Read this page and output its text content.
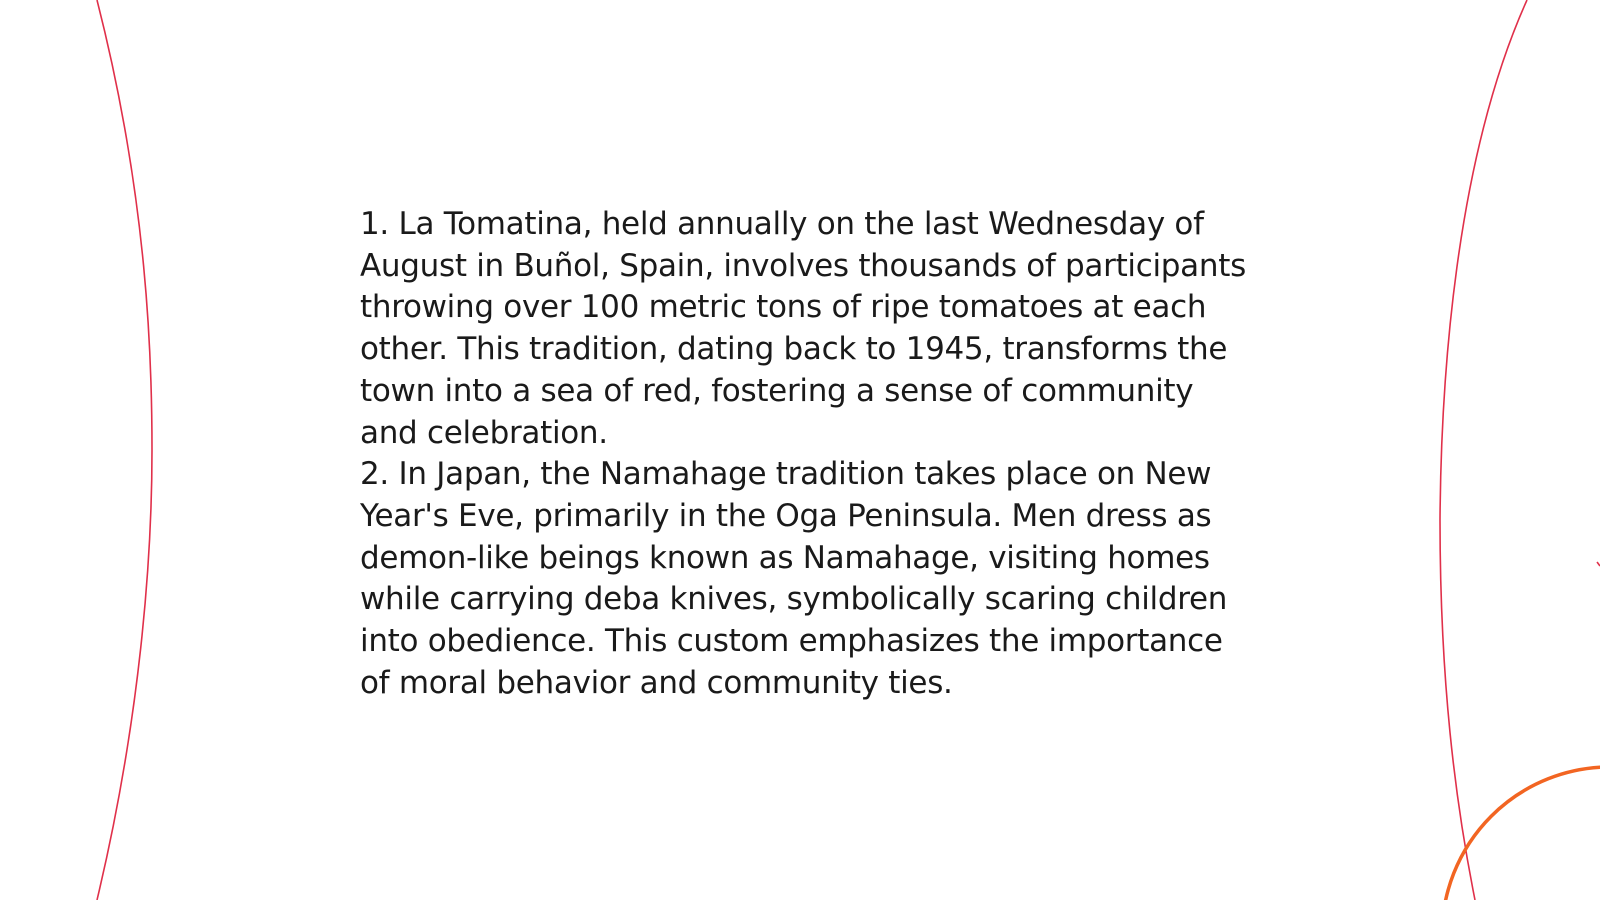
1. La Tomatina, held annually on the last Wednesday of August in Buñol, Spain, involves thousands of participants throwing over 100 metric tons of ripe tomatoes at each other. This tradition, dating back to 1945, transforms the town into a sea of red, fostering a sense of community and celebration.

2. In Japan, the Namahage tradition takes place on New Year's Eve, primarily in the Oga Peninsula. Men dress as demon-like beings known as Namahage, visiting homes while carrying deba knives, symbolically scaring children into obedience. This custom emphasizes the importance of moral behavior and community ties.
